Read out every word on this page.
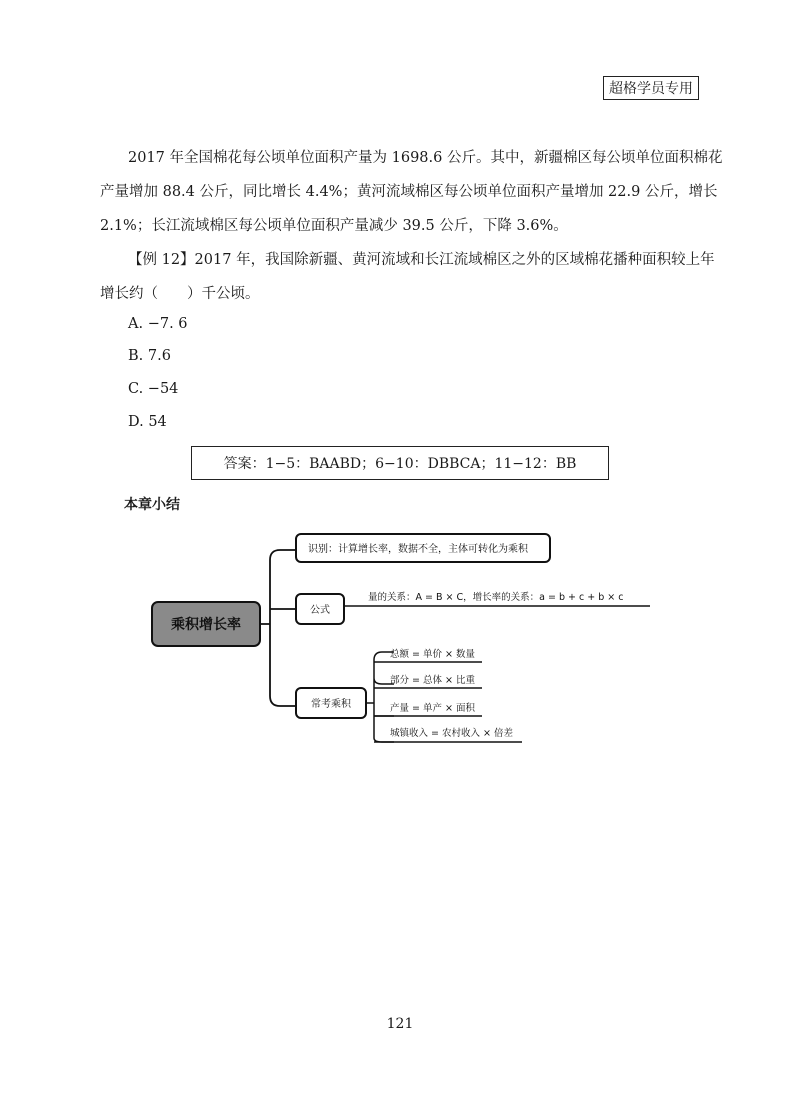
超格学员专用
2017 年全国棉花每公顷单位面积产量为 1698.6 公斤。其中，新疆棉区每公顷单位面积棉花
产量增加 88.4 公斤，同比增长 4.4%；黄河流域棉区每公顷单位面积产量增加 22.9 公斤，增长
2.1%；长江流域棉区每公顷单位面积产量减少 39.5 公斤，下降 3.6%。
【例 12】2017 年，我国除新疆、黄河流域和长江流域棉区之外的区域棉花播种面积较上年
增长约（　　）千公顷。
A. −7. 6
B. 7.6
C. −54
D. 54
答案：1−5：BAABD；6−10：DBBCA；11−12：BB
本章小结
乘积增长率
识别：计算增长率，数据不全，主体可转化为乘积
公式
量的关系：A = B × C，增长率的关系：a = b + c + b × c
常考乘积
总额 = 单价 × 数量
部分 = 总体 × 比重
产量 = 单产 × 面积
城镇收入 = 农村收入 × 倍差
121
